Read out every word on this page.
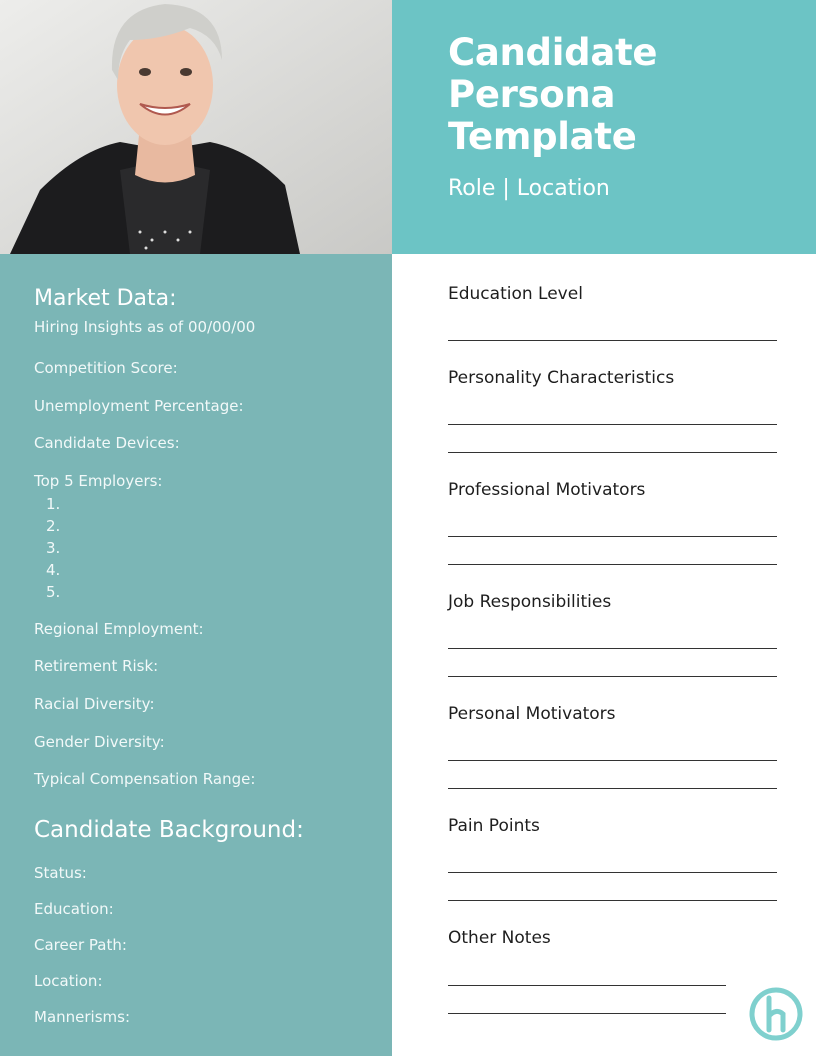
Candidate
Persona
Template
Role | Location
Market Data:
Hiring Insights as of 00/00/00
Competition Score:
Unemployment Percentage:
Candidate Devices:
Top 5 Employers:
1.
2.
3.
4.
5.
Regional Employment:
Retirement Risk:
Racial Diversity:
Gender Diversity:
Typical Compensation Range:
Candidate Background:
Status:
Education:
Career Path:
Location:
Mannerisms:
Education Level
Personality Characteristics
Professional Motivators
Job Responsibilities
Personal Motivators
Pain Points
Other Notes
